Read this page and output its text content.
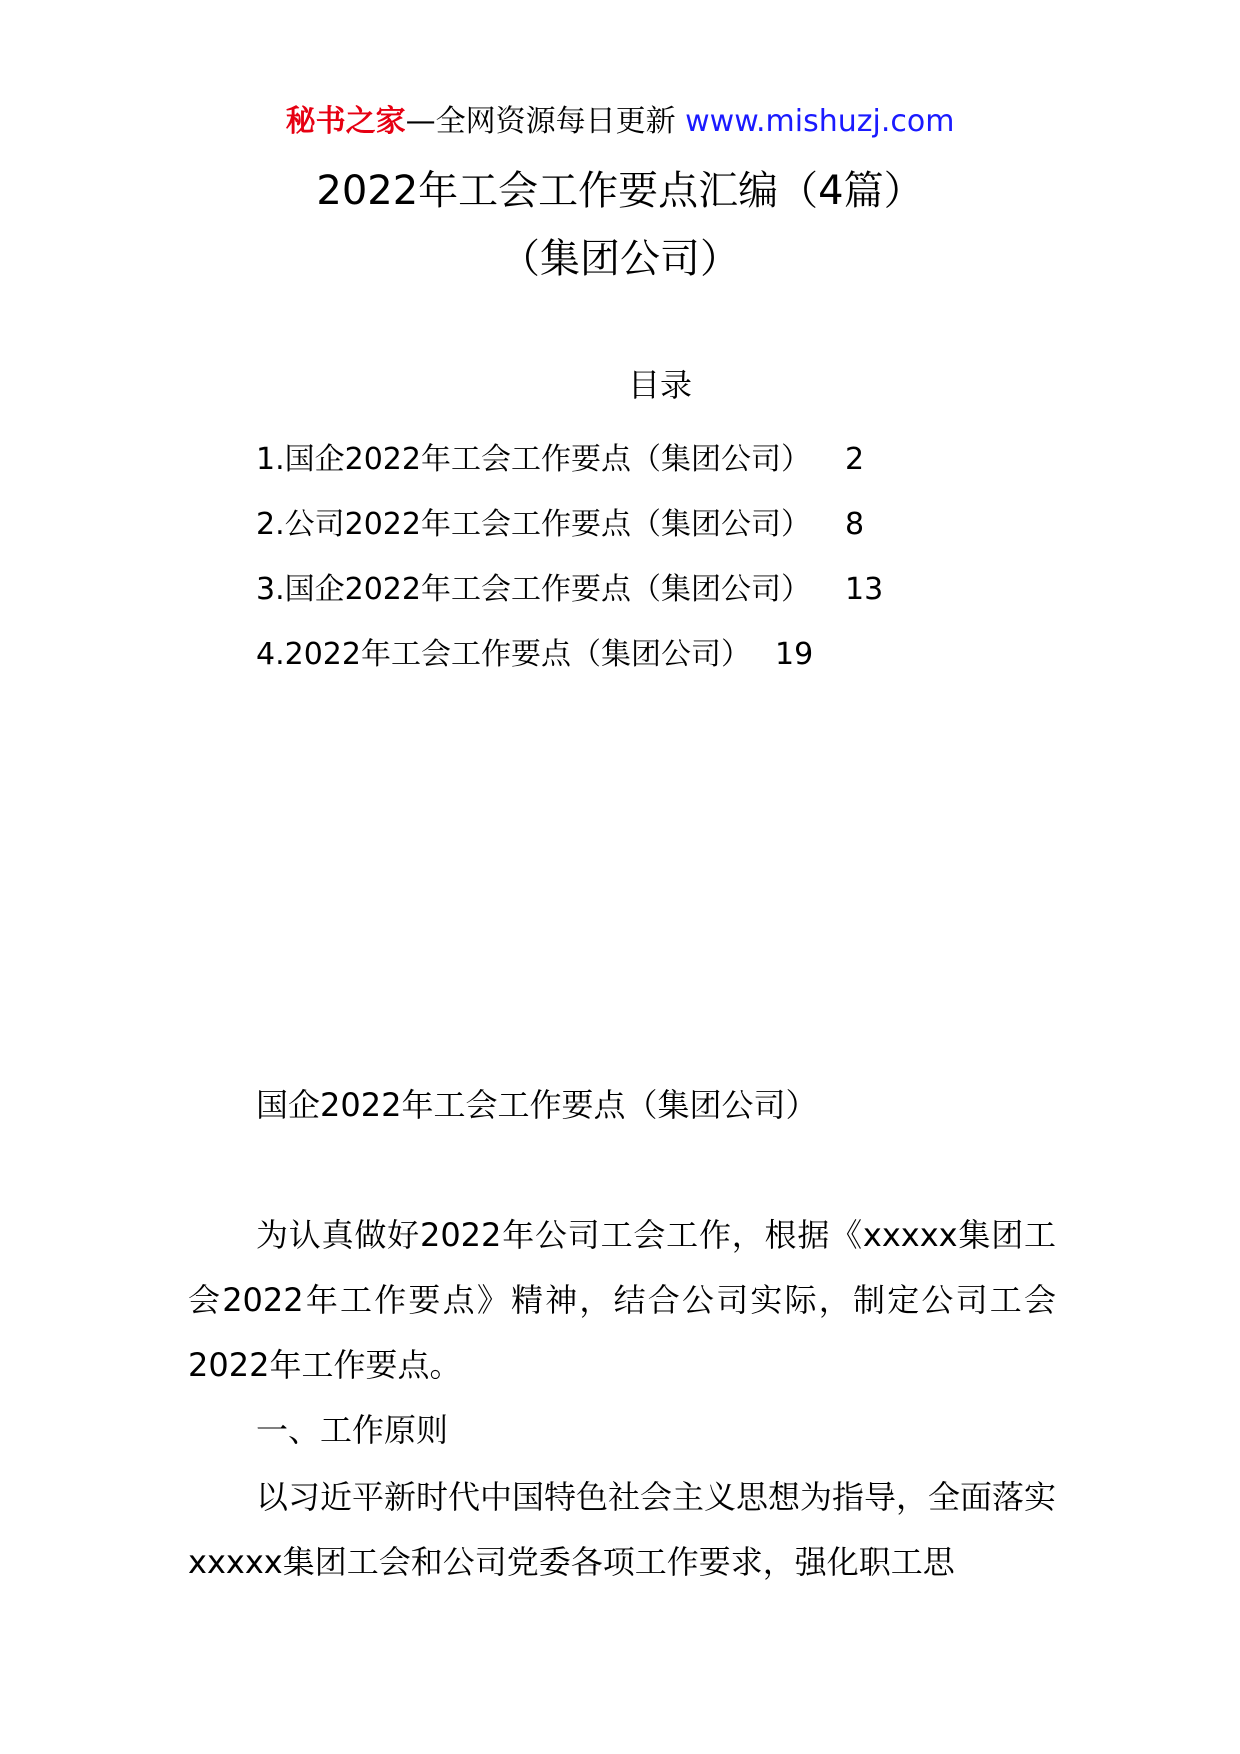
秘书之家—全网资源每日更新 www.mishuzj.com
2022年工会工作要点汇编（4篇）
（集团公司）
目录
1.国企2022年工会工作要点（集团公司） 2
2.公司2022年工会工作要点（集团公司） 8
3.国企2022年工会工作要点（集团公司） 13
4.2022年工会工作要点（集团公司） 19
国企2022年工会工作要点（集团公司）
为认真做好2022年公司工会工作，根据《xxxxx集团工会2022年工作要点》精神，结合公司实际，制定公司工会2022年工作要点。
一、工作原则
以习近平新时代中国特色社会主义思想为指导，全面落实xxxxx集团工会和公司党委各项工作要求，强化职工思
